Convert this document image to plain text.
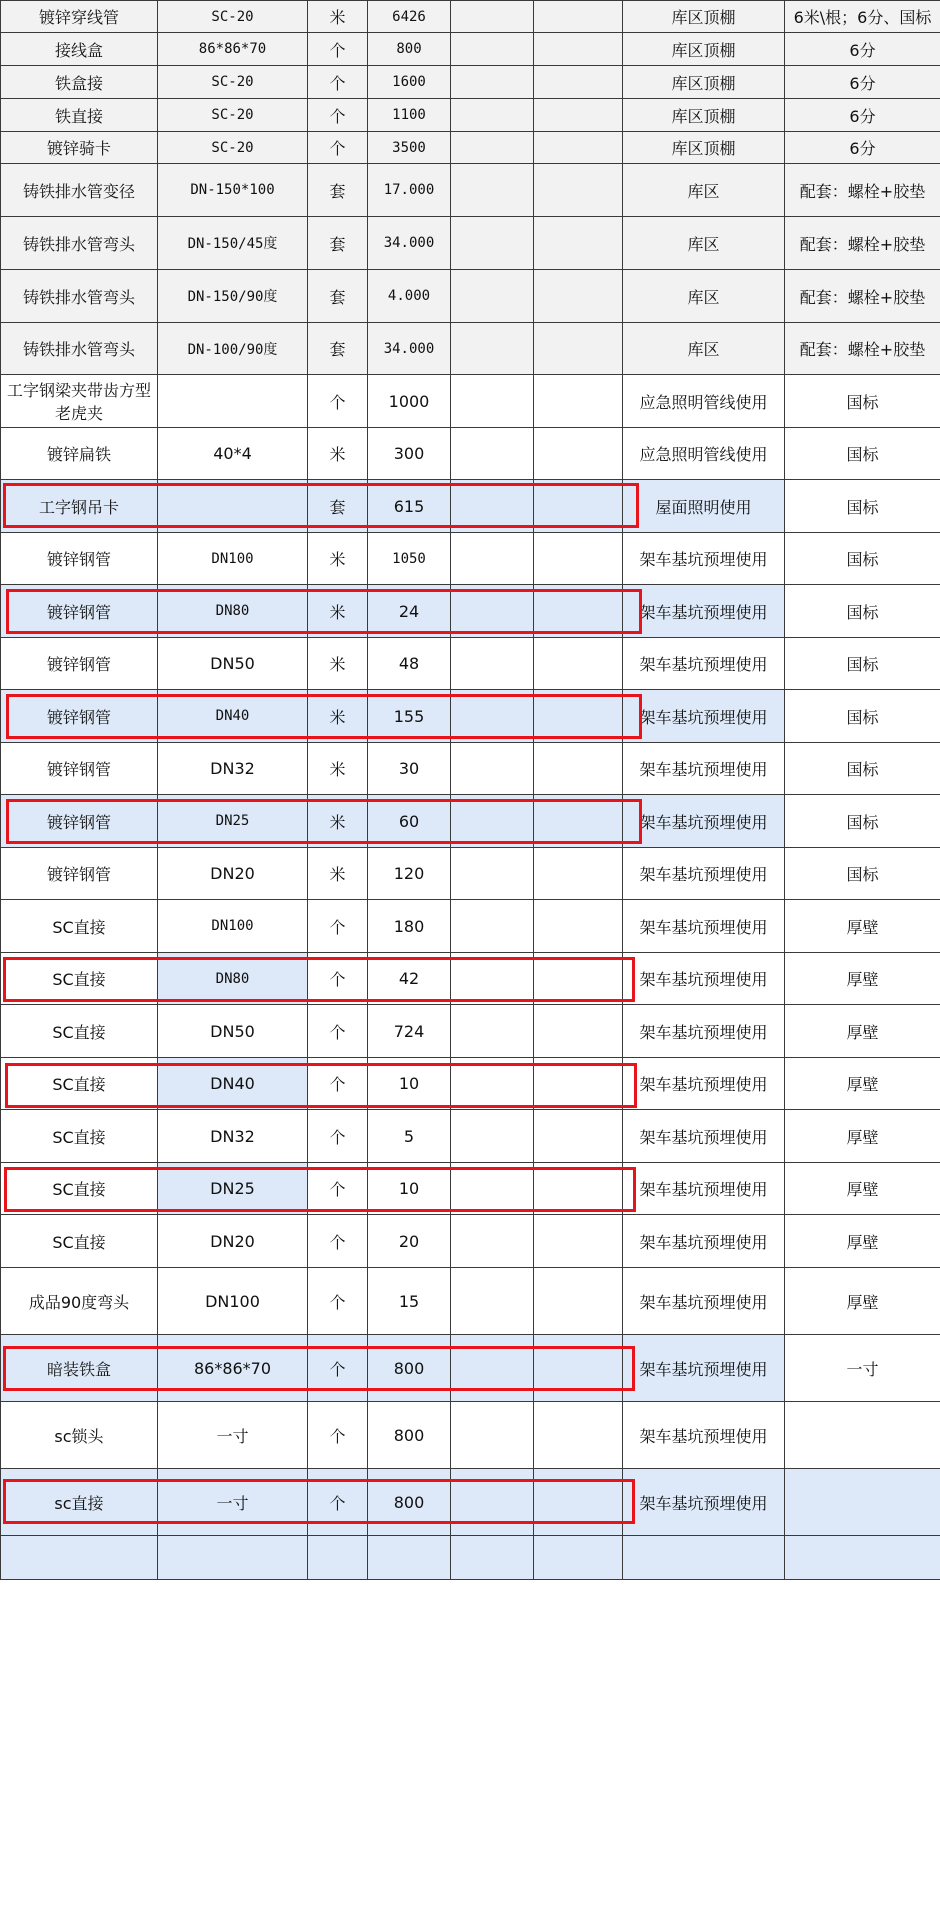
镀锌穿线管	SC-20	米	6426			库区顶棚	6米\根；6分、国标
接线盒	86*86*70	个	800			库区顶棚	6分
铁盒接	SC-20	个	1600			库区顶棚	6分
铁直接	SC-20	个	1100			库区顶棚	6分
镀锌骑卡	SC-20	个	3500			库区顶棚	6分
铸铁排水管变径	DN-150*100	套	17.000			库区	配套：螺栓+胶垫
铸铁排水管弯头	DN-150/45度	套	34.000			库区	配套：螺栓+胶垫
铸铁排水管弯头	DN-150/90度	套	4.000			库区	配套：螺栓+胶垫
铸铁排水管弯头	DN-100/90度	套	34.000			库区	配套：螺栓+胶垫
工字钢梁夹带齿方型老虎夹		个	1000			应急照明管线使用	国标
镀锌扁铁	40*4	米	300			应急照明管线使用	国标
工字钢吊卡		套	615			屋面照明使用	国标
镀锌钢管	DN100	米	1050			架车基坑预埋使用	国标
镀锌钢管	DN80	米	24			架车基坑预埋使用	国标
镀锌钢管	DN50	米	48			架车基坑预埋使用	国标
镀锌钢管	DN40	米	155			架车基坑预埋使用	国标
镀锌钢管	DN32	米	30			架车基坑预埋使用	国标
镀锌钢管	DN25	米	60			架车基坑预埋使用	国标
镀锌钢管	DN20	米	120			架车基坑预埋使用	国标
SC直接	DN100	个	180			架车基坑预埋使用	厚壁
SC直接	DN80	个	42			架车基坑预埋使用	厚壁
SC直接	DN50	个	724			架车基坑预埋使用	厚壁
SC直接	DN40	个	10			架车基坑预埋使用	厚壁
SC直接	DN32	个	5			架车基坑预埋使用	厚壁
SC直接	DN25	个	10			架车基坑预埋使用	厚壁
SC直接	DN20	个	20			架车基坑预埋使用	厚壁
成品90度弯头	DN100	个	15			架车基坑预埋使用	厚壁
暗装铁盒	86*86*70	个	800			架车基坑预埋使用	一寸
sc锁头	一寸	个	800			架车基坑预埋使用	
sc直接	一寸	个	800			架车基坑预埋使用	
